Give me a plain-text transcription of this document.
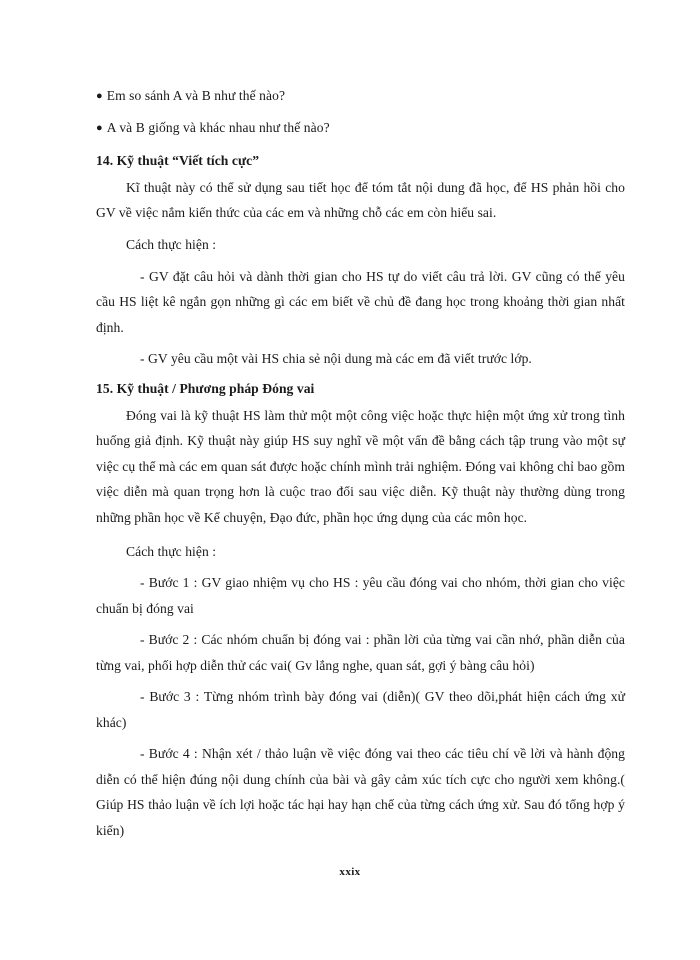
● Em so sánh A và B như thế nào?

● A và B giống và khác nhau như thế nào?

14. Kỹ thuật “Viết tích cực”

Kĩ thuật này có thể sử dụng sau tiết học để tóm tắt nội dung đã học, để HS phản hồi cho GV về việc nắm kiến thức của các em và những chỗ các em còn hiểu sai.

Cách thực hiện :

- GV đặt câu hỏi và dành thời gian cho HS tự do viết câu trả lời. GV cũng có thể yêu cầu HS liệt kê ngắn gọn những gì các em biết về chủ đề đang học trong khoảng thời gian nhất định.

- GV yêu cầu một vài HS chia sẻ nội dung mà các em đã viết trước lớp.

15. Kỹ thuật / Phương pháp Đóng vai

Đóng vai là kỹ thuật HS làm thử một một công việc hoặc thực hiện một ứng xử trong tình huống giả định. Kỹ thuật này giúp HS suy nghĩ về một vấn đề bằng cách tập trung vào một sự việc cụ thể mà các em quan sát được hoặc chính mình trải nghiệm. Đóng vai không chỉ bao gồm việc diễn mà quan trọng hơn là cuộc trao đổi sau việc diễn. Kỹ thuật này thường dùng trong những phần học về Kể chuyện, Đạo đức, phần học ứng dụng của các môn học.

Cách thực hiện :

- Bước 1 : GV giao nhiệm vụ cho HS : yêu cầu đóng vai cho nhóm, thời gian cho việc chuẩn bị đóng vai

- Bước 2 : Các nhóm chuẩn bị đóng vai : phần lời của từng vai cần nhớ, phần diễn của từng vai, phối hợp diễn thử các vai( Gv lắng nghe, quan sát, gợi ý bàng câu hỏi)

- Bước 3 : Từng nhóm trình bày đóng vai (diễn)( GV theo dõi,phát hiện cách ứng xử khác)

- Bước 4 : Nhận xét / thảo luận về việc đóng vai theo các tiêu chí về lời và hành động diễn có thể hiện đúng nội dung chính của bài và gây cảm xúc tích cực cho người xem không.( Giúp HS thảo luận về ích lợi hoặc tác hại hay hạn chế của từng cách ứng xử. Sau đó tổng hợp ý kiến)

xxix
